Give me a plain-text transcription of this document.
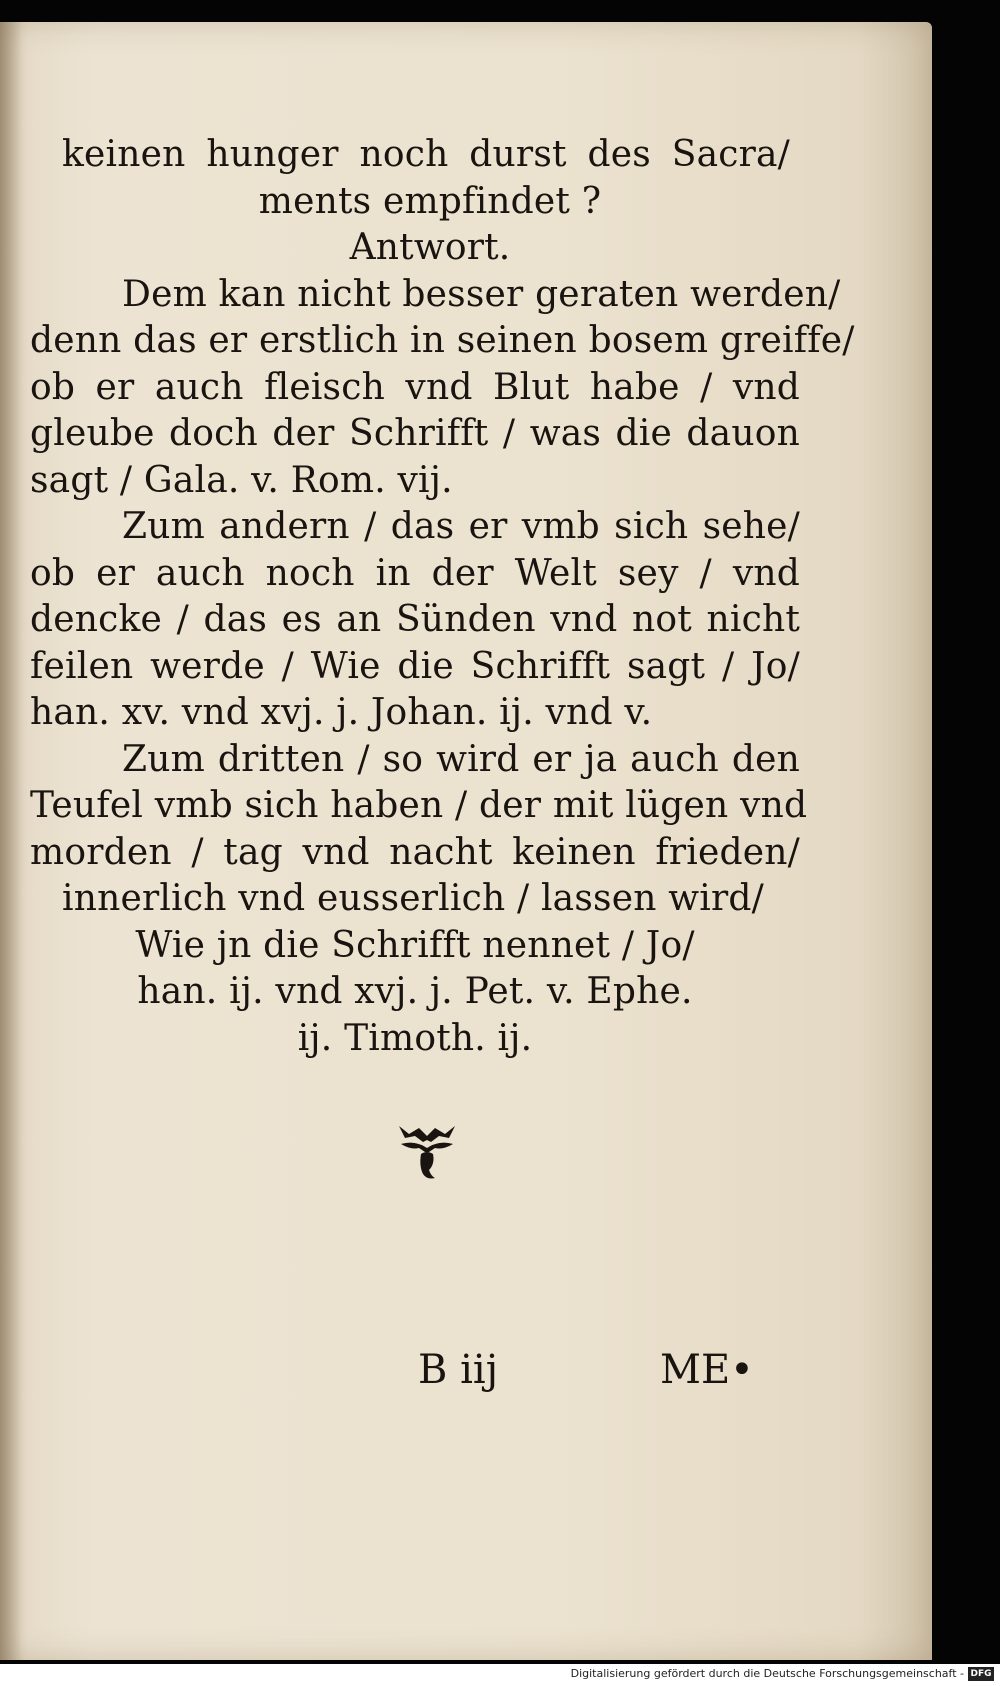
keinen hunger noch durst des Sacra/
ments empfindet ?
Antwort.
Dem kan nicht besser geraten werden/
denn das er erstlich in seinen bosem greiffe/
ob er auch fleisch vnd Blut habe / vnd
gleube doch der Schrifft / was die dauon
sagt / Gala. v. Rom. vij.
Zum andern / das er vmb sich sehe/
ob er auch noch in der Welt sey / vnd
dencke / das es an Sünden vnd not nicht
feilen werde / Wie die Schrifft sagt / Jo/
han. xv. vnd xvj. j. Johan. ij. vnd v.
Zum dritten / so wird er ja auch den
Teufel vmb sich haben / der mit lügen vnd
morden / tag vnd nacht keinen frieden/
innerlich vnd eusserlich / lassen wird/
Wie jn die Schrifft nennet / Jo/
han. ij. vnd xvj. j. Pet. v. Ephe.
ij. Timoth. ij.
B iij	ME•
Digitalisierung gefördert durch die Deutsche Forschungsgemeinschaft - DFG
